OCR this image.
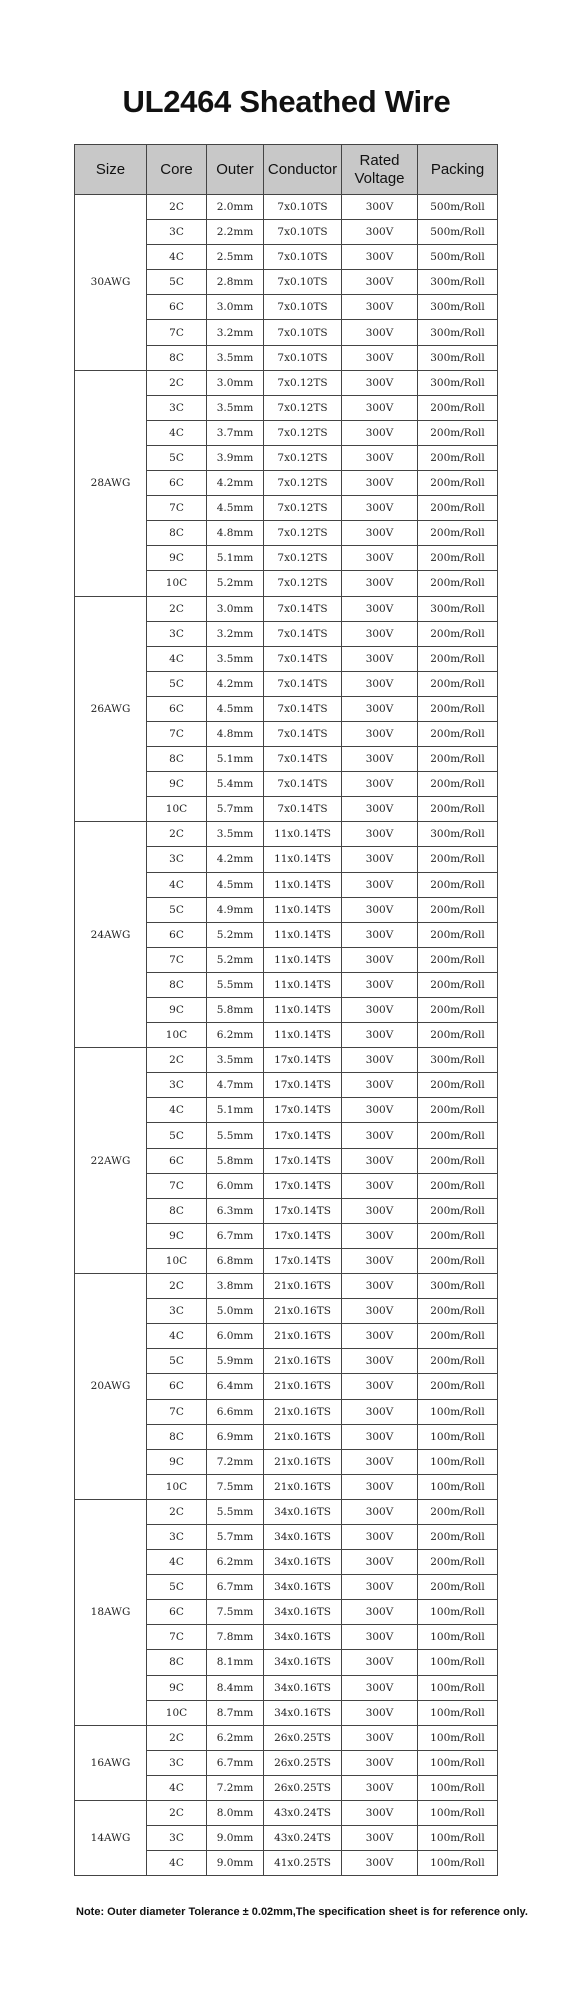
UL2464 Sheathed Wire
Size	Core	Outer	Conductor	Rated Voltage	Packing
30AWG	2C	2.0mm	7x0.10TS	300V	500m/Roll
	3C	2.2mm	7x0.10TS	300V	500m/Roll
	4C	2.5mm	7x0.10TS	300V	500m/Roll
	5C	2.8mm	7x0.10TS	300V	300m/Roll
	6C	3.0mm	7x0.10TS	300V	300m/Roll
	7C	3.2mm	7x0.10TS	300V	300m/Roll
	8C	3.5mm	7x0.10TS	300V	300m/Roll
28AWG	2C	3.0mm	7x0.12TS	300V	300m/Roll
	3C	3.5mm	7x0.12TS	300V	200m/Roll
	4C	3.7mm	7x0.12TS	300V	200m/Roll
	5C	3.9mm	7x0.12TS	300V	200m/Roll
	6C	4.2mm	7x0.12TS	300V	200m/Roll
	7C	4.5mm	7x0.12TS	300V	200m/Roll
	8C	4.8mm	7x0.12TS	300V	200m/Roll
	9C	5.1mm	7x0.12TS	300V	200m/Roll
	10C	5.2mm	7x0.12TS	300V	200m/Roll
26AWG	2C	3.0mm	7x0.14TS	300V	300m/Roll
	3C	3.2mm	7x0.14TS	300V	200m/Roll
	4C	3.5mm	7x0.14TS	300V	200m/Roll
	5C	4.2mm	7x0.14TS	300V	200m/Roll
	6C	4.5mm	7x0.14TS	300V	200m/Roll
	7C	4.8mm	7x0.14TS	300V	200m/Roll
	8C	5.1mm	7x0.14TS	300V	200m/Roll
	9C	5.4mm	7x0.14TS	300V	200m/Roll
	10C	5.7mm	7x0.14TS	300V	200m/Roll
24AWG	2C	3.5mm	11x0.14TS	300V	300m/Roll
	3C	4.2mm	11x0.14TS	300V	200m/Roll
	4C	4.5mm	11x0.14TS	300V	200m/Roll
	5C	4.9mm	11x0.14TS	300V	200m/Roll
	6C	5.2mm	11x0.14TS	300V	200m/Roll
	7C	5.2mm	11x0.14TS	300V	200m/Roll
	8C	5.5mm	11x0.14TS	300V	200m/Roll
	9C	5.8mm	11x0.14TS	300V	200m/Roll
	10C	6.2mm	11x0.14TS	300V	200m/Roll
22AWG	2C	3.5mm	17x0.14TS	300V	300m/Roll
	3C	4.7mm	17x0.14TS	300V	200m/Roll
	4C	5.1mm	17x0.14TS	300V	200m/Roll
	5C	5.5mm	17x0.14TS	300V	200m/Roll
	6C	5.8mm	17x0.14TS	300V	200m/Roll
	7C	6.0mm	17x0.14TS	300V	200m/Roll
	8C	6.3mm	17x0.14TS	300V	200m/Roll
	9C	6.7mm	17x0.14TS	300V	200m/Roll
	10C	6.8mm	17x0.14TS	300V	200m/Roll
20AWG	2C	3.8mm	21x0.16TS	300V	300m/Roll
	3C	5.0mm	21x0.16TS	300V	200m/Roll
	4C	6.0mm	21x0.16TS	300V	200m/Roll
	5C	5.9mm	21x0.16TS	300V	200m/Roll
	6C	6.4mm	21x0.16TS	300V	200m/Roll
	7C	6.6mm	21x0.16TS	300V	100m/Roll
	8C	6.9mm	21x0.16TS	300V	100m/Roll
	9C	7.2mm	21x0.16TS	300V	100m/Roll
	10C	7.5mm	21x0.16TS	300V	100m/Roll
18AWG	2C	5.5mm	34x0.16TS	300V	200m/Roll
	3C	5.7mm	34x0.16TS	300V	200m/Roll
	4C	6.2mm	34x0.16TS	300V	200m/Roll
	5C	6.7mm	34x0.16TS	300V	200m/Roll
	6C	7.5mm	34x0.16TS	300V	100m/Roll
	7C	7.8mm	34x0.16TS	300V	100m/Roll
	8C	8.1mm	34x0.16TS	300V	100m/Roll
	9C	8.4mm	34x0.16TS	300V	100m/Roll
	10C	8.7mm	34x0.16TS	300V	100m/Roll
16AWG	2C	6.2mm	26x0.25TS	300V	100m/Roll
	3C	6.7mm	26x0.25TS	300V	100m/Roll
	4C	7.2mm	26x0.25TS	300V	100m/Roll
14AWG	2C	8.0mm	43x0.24TS	300V	100m/Roll
	3C	9.0mm	43x0.24TS	300V	100m/Roll
	4C	9.0mm	41x0.25TS	300V	100m/Roll
Note: Outer diameter Tolerance ± 0.02mm,The specification sheet is for reference only.
